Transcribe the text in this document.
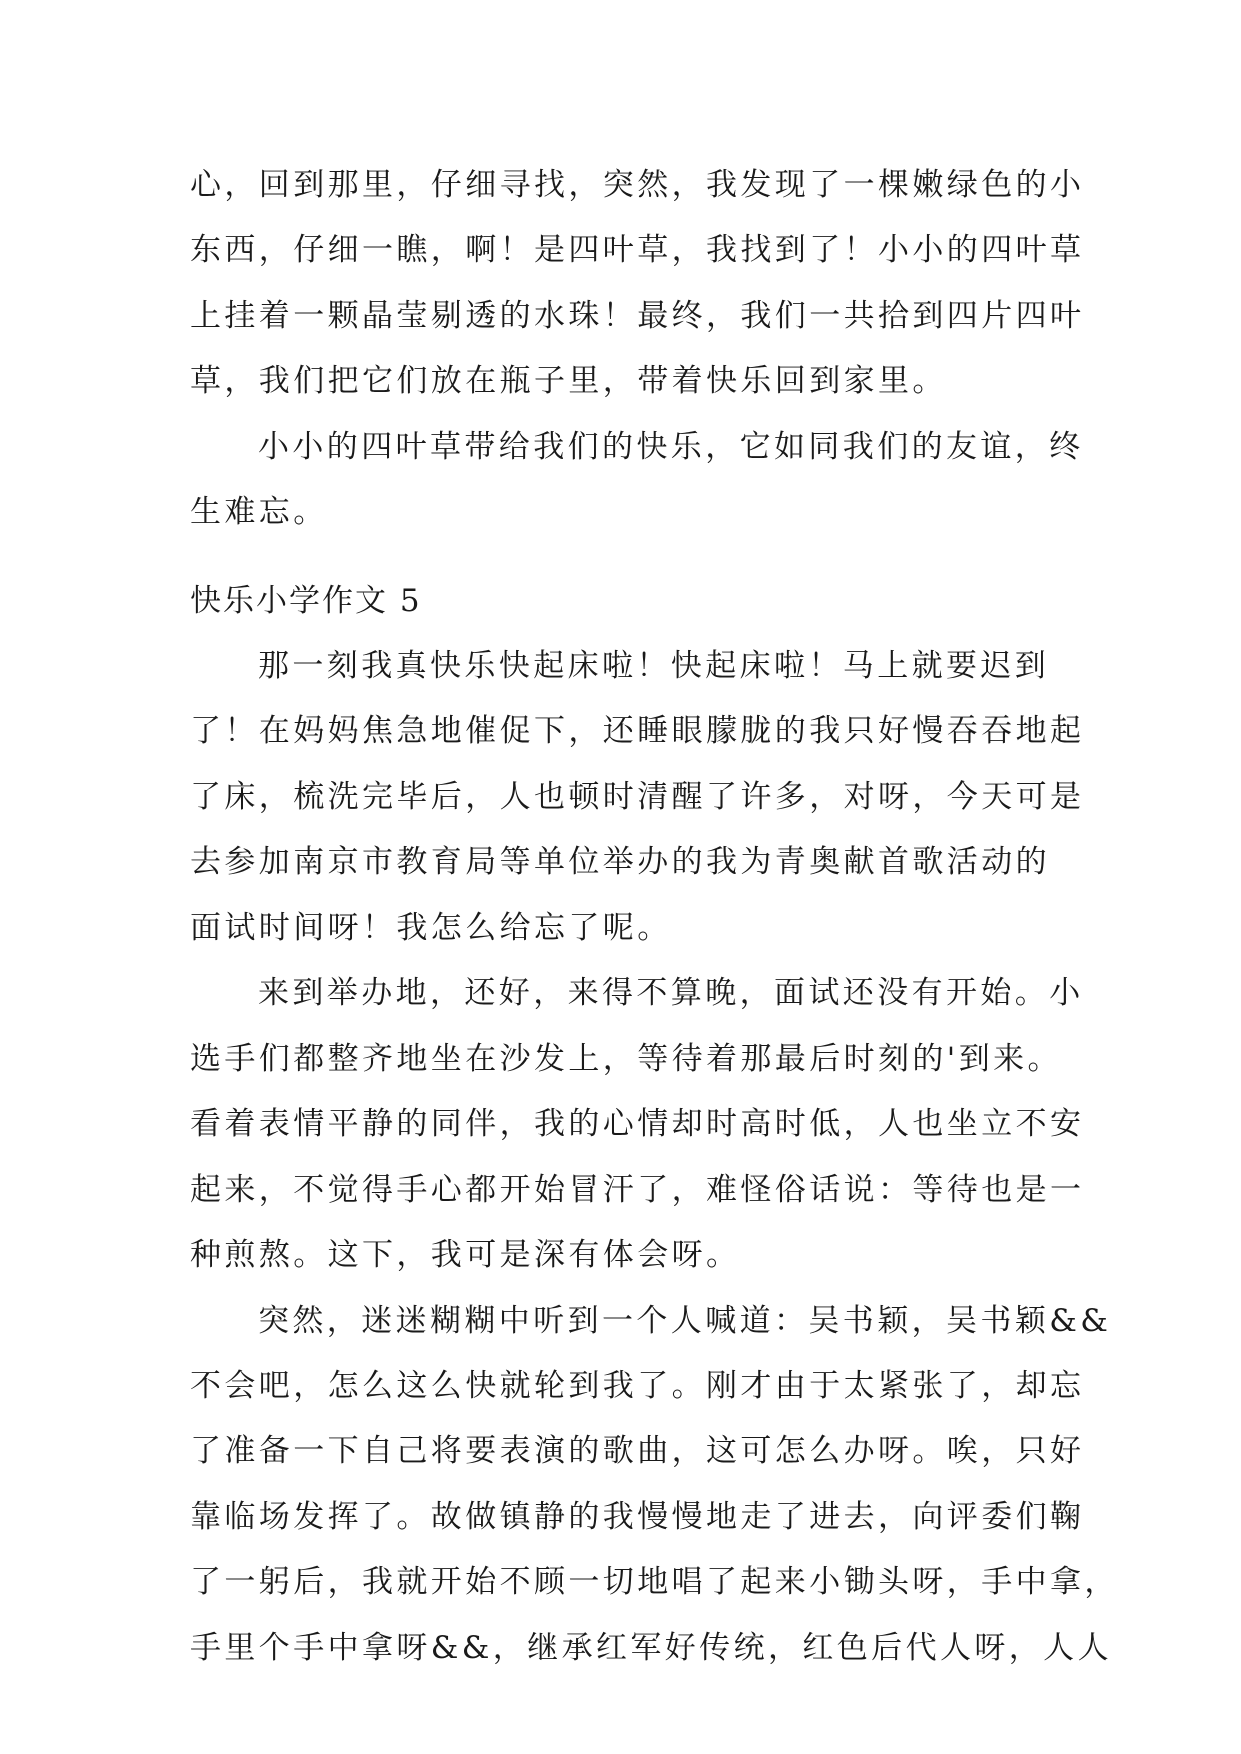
心，回到那里，仔细寻找，突然，我发现了一棵嫩绿色的小
东西，仔细一瞧，啊！是四叶草，我找到了！小小的四叶草
上挂着一颗晶莹剔透的水珠！最终，我们一共拾到四片四叶
草，我们把它们放在瓶子里，带着快乐回到家里。
小小的四叶草带给我们的快乐，它如同我们的友谊，终
生难忘。
快乐小学作文 5
那一刻我真快乐快起床啦！快起床啦！马上就要迟到
了！在妈妈焦急地催促下，还睡眼朦胧的我只好慢吞吞地起
了床，梳洗完毕后，人也顿时清醒了许多，对呀，今天可是
去参加南京市教育局等单位举办的我为青奥献首歌活动的
面试时间呀！我怎么给忘了呢。
来到举办地，还好，来得不算晚，面试还没有开始。小
选手们都整齐地坐在沙发上，等待着那最后时刻的'到来。
看着表情平静的同伴，我的心情却时高时低，人也坐立不安
起来，不觉得手心都开始冒汗了，难怪俗话说：等待也是一
种煎熬。这下，我可是深有体会呀。
突然，迷迷糊糊中听到一个人喊道：吴书颖，吴书颖&&
不会吧，怎么这么快就轮到我了。刚才由于太紧张了，却忘
了准备一下自己将要表演的歌曲，这可怎么办呀。唉，只好
靠临场发挥了。故做镇静的我慢慢地走了进去，向评委们鞠
了一躬后，我就开始不顾一切地唱了起来小锄头呀，手中拿，
手里个手中拿呀&&，继承红军好传统，红色后代人呀，人人
